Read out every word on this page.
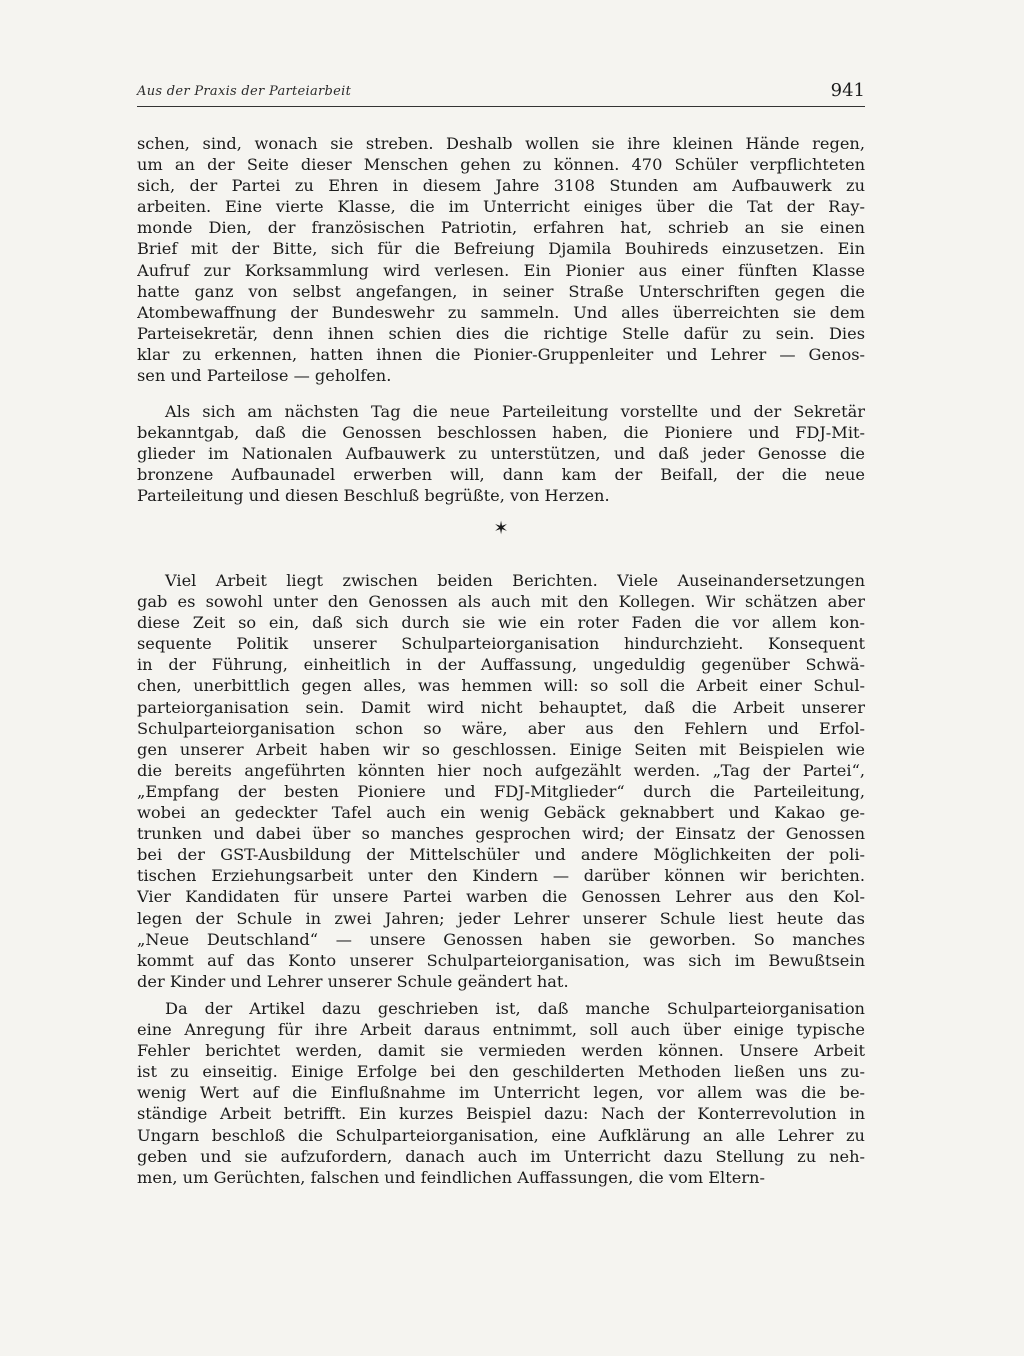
Aus der Praxis der Parteiarbeit	941
schen, sind, wonach sie streben. Deshalb wollen sie ihre kleinen Hände regen,
um an der Seite dieser Menschen gehen zu können. 470 Schüler verpflichteten
sich, der Partei zu Ehren in diesem Jahre 3108 Stunden am Aufbauwerk zu
arbeiten. Eine vierte Klasse, die im Unterricht einiges über die Tat der Ray-
monde Dien, der französischen Patriotin, erfahren hat, schrieb an sie einen
Brief mit der Bitte, sich für die Befreiung Djamila Bouhireds einzusetzen. Ein
Aufruf zur Korksammlung wird verlesen. Ein Pionier aus einer fünften Klasse
hatte ganz von selbst angefangen, in seiner Straße Unterschriften gegen die
Atombewaffnung der Bundeswehr zu sammeln. Und alles überreichten sie dem
Parteisekretär, denn ihnen schien dies die richtige Stelle dafür zu sein. Dies
klar zu erkennen, hatten ihnen die Pionier-Gruppenleiter und Lehrer — Genos-
sen und Parteilose — geholfen.
Als sich am nächsten Tag die neue Parteileitung vorstellte und der Sekretär
bekanntgab, daß die Genossen beschlossen haben, die Pioniere und FDJ-Mit-
glieder im Nationalen Aufbauwerk zu unterstützen, und daß jeder Genosse die
bronzene Aufbaunadel erwerben will, dann kam der Beifall, der die neue
Parteileitung und diesen Beschluß begrüßte, von Herzen.
✶
Viel Arbeit liegt zwischen beiden Berichten. Viele Auseinandersetzungen
gab es sowohl unter den Genossen als auch mit den Kollegen. Wir schätzen aber
diese Zeit so ein, daß sich durch sie wie ein roter Faden die vor allem kon-
sequente Politik unserer Schulparteiorganisation hindurchzieht. Konsequent
in der Führung, einheitlich in der Auffassung, ungeduldig gegenüber Schwä-
chen, unerbittlich gegen alles, was hemmen will: so soll die Arbeit einer Schul-
parteiorganisation sein. Damit wird nicht behauptet, daß die Arbeit unserer
Schulparteiorganisation schon so wäre, aber aus den Fehlern und Erfol-
gen unserer Arbeit haben wir so geschlossen. Einige Seiten mit Beispielen wie
die bereits angeführten könnten hier noch aufgezählt werden. „Tag der Partei“,
„Empfang der besten Pioniere und FDJ-Mitglieder“ durch die Parteileitung,
wobei an gedeckter Tafel auch ein wenig Gebäck geknabbert und Kakao ge-
trunken und dabei über so manches gesprochen wird; der Einsatz der Genossen
bei der GST-Ausbildung der Mittelschüler und andere Möglichkeiten der poli-
tischen Erziehungsarbeit unter den Kindern — darüber können wir berichten.
Vier Kandidaten für unsere Partei warben die Genossen Lehrer aus den Kol-
legen der Schule in zwei Jahren; jeder Lehrer unserer Schule liest heute das
„Neue Deutschland“ — unsere Genossen haben sie geworben. So manches
kommt auf das Konto unserer Schulparteiorganisation, was sich im Bewußtsein
der Kinder und Lehrer unserer Schule geändert hat.
Da der Artikel dazu geschrieben ist, daß manche Schulparteiorganisation
eine Anregung für ihre Arbeit daraus entnimmt, soll auch über einige typische
Fehler berichtet werden, damit sie vermieden werden können. Unsere Arbeit
ist zu einseitig. Einige Erfolge bei den geschilderten Methoden ließen uns zu-
wenig Wert auf die Einflußnahme im Unterricht legen, vor allem was die be-
ständige Arbeit betrifft. Ein kurzes Beispiel dazu: Nach der Konterrevolution in
Ungarn beschloß die Schulparteiorganisation, eine Aufklärung an alle Lehrer zu
geben und sie aufzufordern, danach auch im Unterricht dazu Stellung zu neh-
men, um Gerüchten, falschen und feindlichen Auffassungen, die vom Eltern-
